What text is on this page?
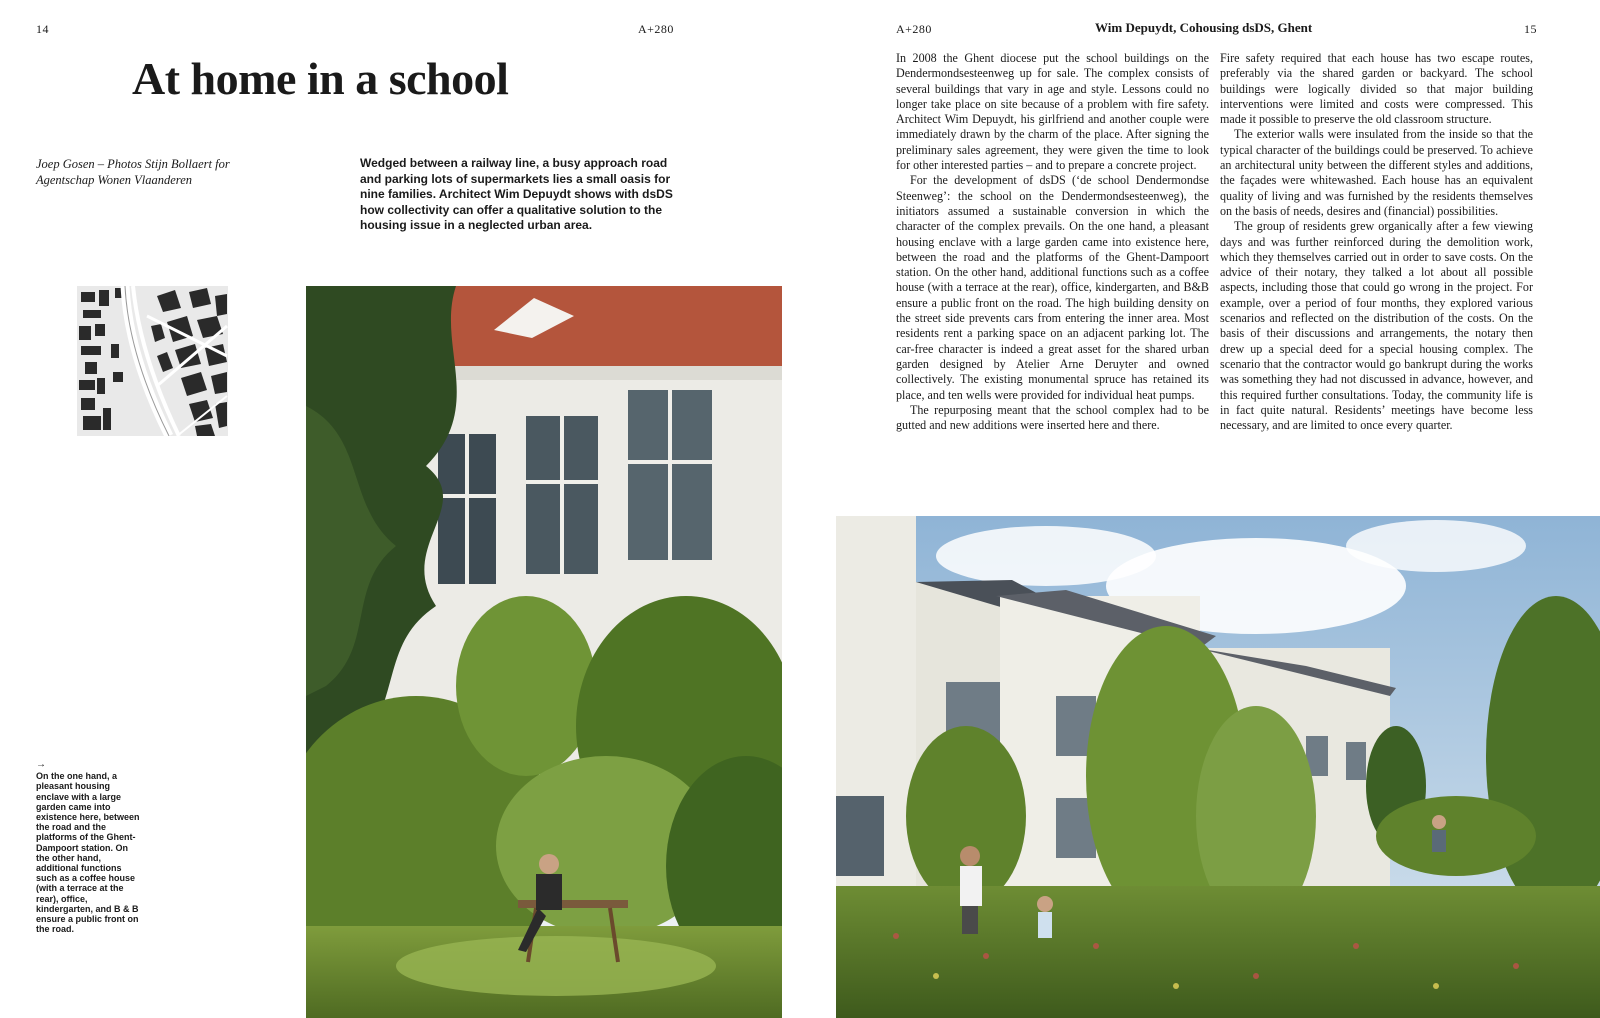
14	A+280	A+280	Wim Depuydt, Cohousing dsDS, Ghent	15
At home in a school
Joep Gosen – Photos Stijn Bollaert for Agentschap Wonen Vlaanderen
Wedged between a railway line, a busy approach road and parking lots of supermarkets lies a small oasis for nine families. Architect Wim Depuydt shows with dsDS how collectivity can offer a qualitative solution to the housing issue in a neglected urban area.
→
On the one hand, a pleasant housing enclave with a large garden came into existence here, between the road and the platforms of the Ghent-Dampoort station. On the other hand, additional functions such as a coffee house (with a terrace at the rear), office, kindergarten, and B & B ensure a public front on the road.

In 2008 the Ghent diocese put the school buildings on the Dendermondsesteenweg up for sale. The complex consists of several buildings that vary in age and style. Lessons could no longer take place on site because of a problem with fire safety. Architect Wim Depuydt, his girlfriend and another couple were immediately drawn by the charm of the place. After signing the preliminary sales agreement, they were given the time to look for other interested parties – and to prepare a concrete project.

For the development of dsDS (‘de school Dendermondse Steenweg’: the school on the Dendermondsesteenweg), the initiators assumed a sustainable conversion in which the character of the complex prevails. On the one hand, a pleasant housing enclave with a large garden came into existence here, between the road and the platforms of the Ghent-Dampoort station. On the other hand, additional functions such as a coffee house (with a terrace at the rear), office, kindergarten, and B&B ensure a public front on the road. The high building density on the street side prevents cars from entering the inner area. Most residents rent a parking space on an adjacent parking lot. The car-free character is indeed a great asset for the shared urban garden designed by Atelier Arne Deruyter and owned collectively. The existing monumental spruce has retained its place, and ten wells were provided for individual heat pumps.

The repurposing meant that the school complex had to be gutted and new additions were inserted here and there.

Fire safety required that each house has two escape routes, preferably via the shared garden or backyard. The school buildings were logically divided so that major building interventions were limited and costs were compressed. This made it possible to preserve the old classroom structure.

The exterior walls were insulated from the inside so that the typical character of the buildings could be preserved. To achieve an architectural unity between the different styles and additions, the façades were whitewashed. Each house has an equivalent quality of living and was furnished by the residents themselves on the basis of needs, desires and (financial) possibilities.

The group of residents grew organically after a few viewing days and was further reinforced during the demolition work, which they themselves carried out in order to save costs. On the advice of their notary, they talked a lot about all possible aspects, including those that could go wrong in the project. For example, over a period of four months, they explored various scenarios and reflected on the distribution of the costs. On the basis of their discussions and arrangements, the notary then drew up a special deed for a special housing complex. The scenario that the contractor would go bankrupt during the works was something they had not discussed in advance, however, and this required further consultations. Today, the community life is in fact quite natural. Residents’ meetings have become less necessary, and are limited to once every quarter.
